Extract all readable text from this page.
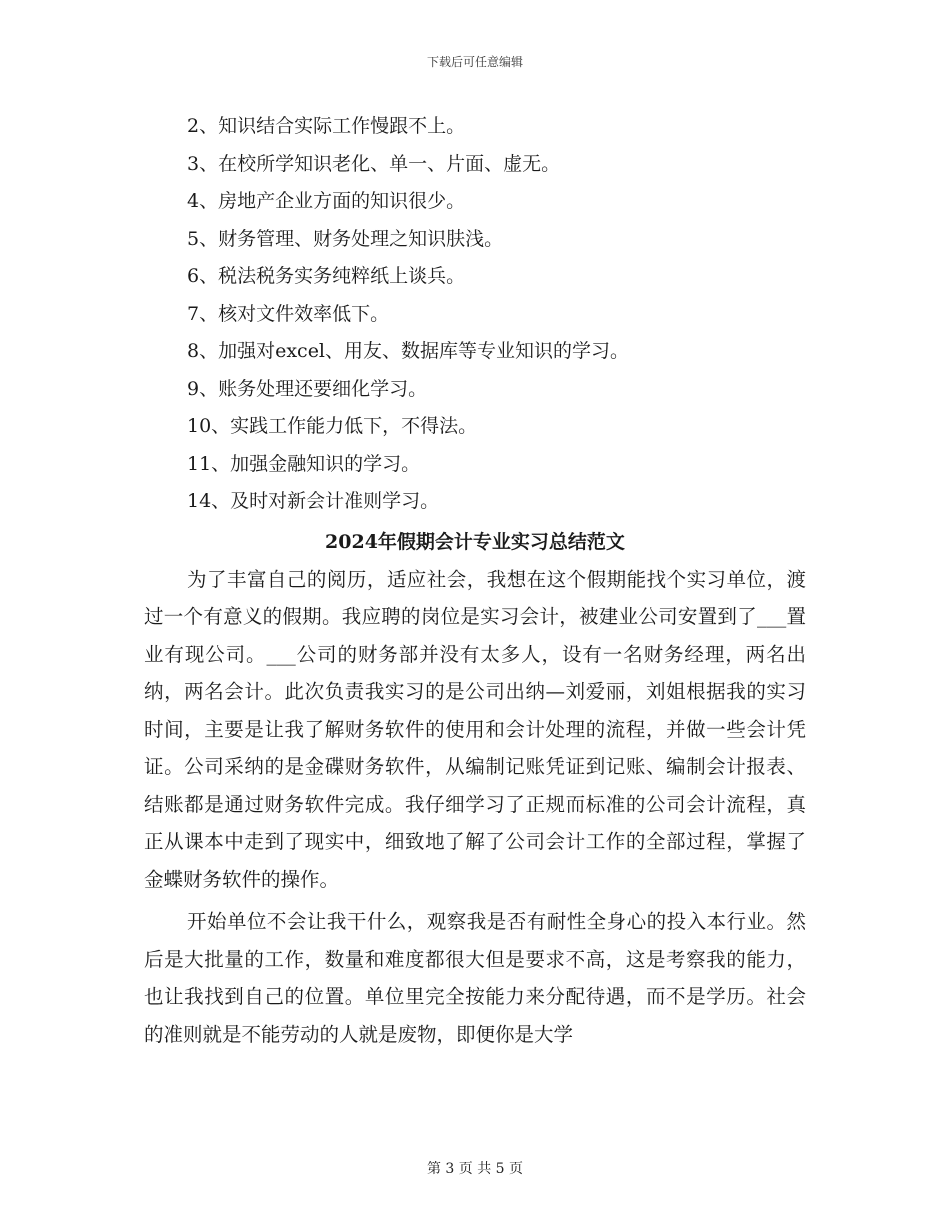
下载后可任意编辑
2、知识结合实际工作慢跟不上。
3、在校所学知识老化、单一、片面、虚无。
4、房地产企业方面的知识很少。
5、财务管理、财务处理之知识肤浅。
6、税法税务实务纯粹纸上谈兵。
7、核对文件效率低下。
8、加强对excel、用友、数据库等专业知识的学习。
9、账务处理还要细化学习。
10、实践工作能力低下，不得法。
11、加强金融知识的学习。
14、及时对新会计准则学习。
2024年假期会计专业实习总结范文

为了丰富自己的阅历，适应社会，我想在这个假期能找个实习单位，渡过一个有意义的假期。我应聘的岗位是实习会计，被建业公司安置到了___置业有现公司。___公司的财务部并没有太多人，设有一名财务经理，两名出纳，两名会计。此次负责我实习的是公司出纳—刘爱丽，刘姐根据我的实习时间，主要是让我了解财务软件的使用和会计处理的流程，并做一些会计凭证。公司采纳的是金碟财务软件，从编制记账凭证到记账、编制会计报表、结账都是通过财务软件完成。我仔细学习了正规而标准的公司会计流程，真正从课本中走到了现实中，细致地了解了公司会计工作的全部过程，掌握了金蝶财务软件的操作。

开始单位不会让我干什么，观察我是否有耐性全身心的投入本行业。然后是大批量的工作，数量和难度都很大但是要求不高，这是考察我的能力，也让我找到自己的位置。单位里完全按能力来分配待遇，而不是学历。社会的准则就是不能劳动的人就是废物，即便你是大学

第 3 页 共 5 页
